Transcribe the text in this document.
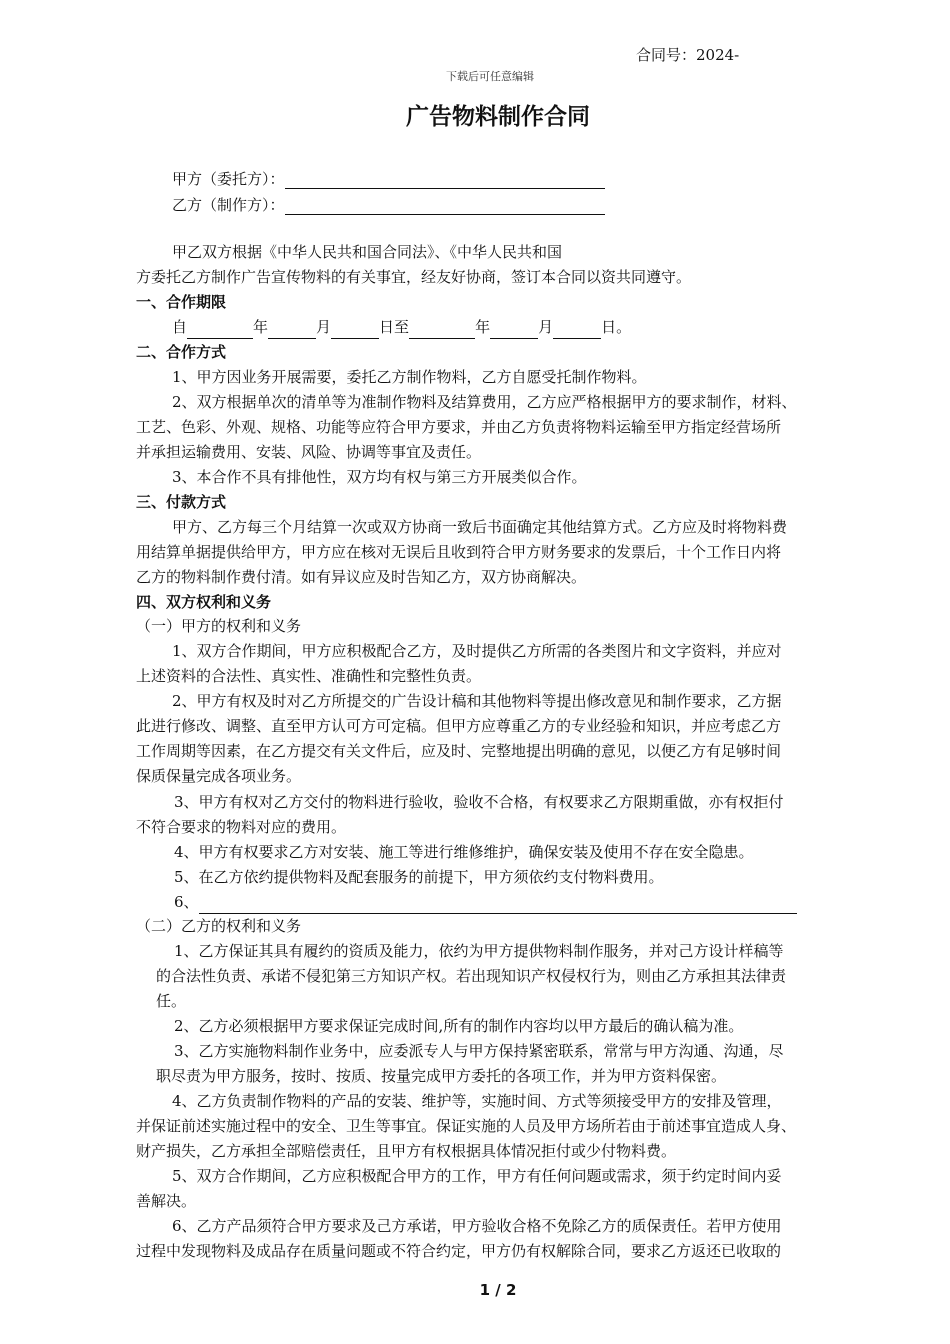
合同号：2024-
下载后可任意编辑
广告物料制作合同
甲方（委托方）：
乙方（制作方）：
甲乙双方根据《中华人民共和国合同法》、《中华人民共和国
方委托乙方制作广告宣传物料的有关事宜，经友好协商，签订本合同以资共同遵守。
一、合作期限
自	年	月	日至	年	月	日。
二、合作方式
1、甲方因业务开展需要，委托乙方制作物料，乙方自愿受托制作物料。
2、双方根据单次的清单等为准制作物料及结算费用，乙方应严格根据甲方的要求制作，材料、
工艺、色彩、外观、规格、功能等应符合甲方要求，并由乙方负责将物料运输至甲方指定经营场所
并承担运输费用、安装、风险、协调等事宜及责任。
3、本合作不具有排他性，双方均有权与第三方开展类似合作。
三、付款方式
甲方、乙方每三个月结算一次或双方协商一致后书面确定其他结算方式。乙方应及时将物料费
用结算单据提供给甲方，甲方应在核对无误后且收到符合甲方财务要求的发票后，十个工作日内将
乙方的物料制作费付清。如有异议应及时告知乙方，双方协商解决。
四、双方权利和义务
（一）甲方的权利和义务
1、双方合作期间，甲方应积极配合乙方，及时提供乙方所需的各类图片和文字资料，并应对
上述资料的合法性、真实性、准确性和完整性负责。
2、甲方有权及时对乙方所提交的广告设计稿和其他物料等提出修改意见和制作要求，乙方据
此进行修改、调整、直至甲方认可方可定稿。但甲方应尊重乙方的专业经验和知识，并应考虑乙方
工作周期等因素，在乙方提交有关文件后，应及时、完整地提出明确的意见，以便乙方有足够时间
保质保量完成各项业务。
3、甲方有权对乙方交付的物料进行验收，验收不合格，有权要求乙方限期重做，亦有权拒付
不符合要求的物料对应的费用。
4、甲方有权要求乙方对安装、施工等进行维修维护，确保安装及使用不存在安全隐患。
5、在乙方依约提供物料及配套服务的前提下，甲方须依约支付物料费用。
6、
（二）乙方的权利和义务
1、乙方保证其具有履约的资质及能力，依约为甲方提供物料制作服务，并对己方设计样稿等
的合法性负责、承诺不侵犯第三方知识产权。若出现知识产权侵权行为，则由乙方承担其法律责
任。
2、乙方必须根据甲方要求保证完成时间,所有的制作内容均以甲方最后的确认稿为准。
3、乙方实施物料制作业务中，应委派专人与甲方保持紧密联系，常常与甲方沟通、沟通，尽
职尽责为甲方服务，按时、按质、按量完成甲方委托的各项工作，并为甲方资料保密。
4、乙方负责制作物料的产品的安装、维护等，实施时间、方式等须接受甲方的安排及管理，
并保证前述实施过程中的安全、卫生等事宜。保证实施的人员及甲方场所若由于前述事宜造成人身、
财产损失，乙方承担全部赔偿责任，且甲方有权根据具体情况拒付或少付物料费。
5、双方合作期间，乙方应积极配合甲方的工作，甲方有任何问题或需求，须于约定时间内妥
善解决。
6、乙方产品须符合甲方要求及己方承诺，甲方验收合格不免除乙方的质保责任。若甲方使用
过程中发现物料及成品存在质量问题或不符合约定，甲方仍有权解除合同，要求乙方返还已收取的
1 / 2
